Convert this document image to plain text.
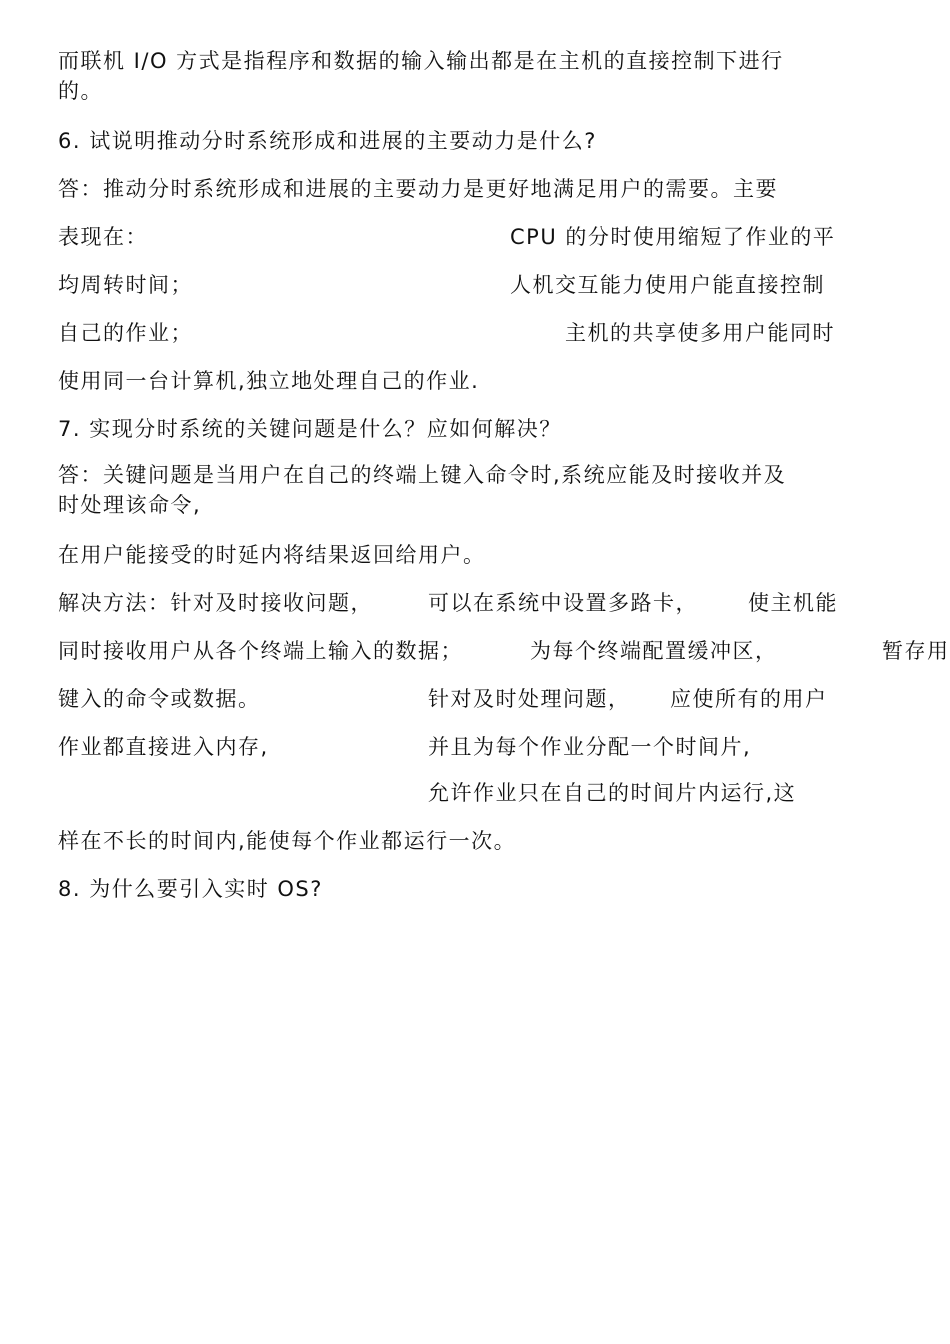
而联机 I/O 方式是指程序和数据的输入输出都是在主机的直接控制下进行
的。
6. 试说明推动分时系统形成和进展的主要动力是什么?
答：推动分时系统形成和进展的主要动力是更好地满足用户的需要。主要
表现在：	CPU 的分时使用缩短了作业的平
均周转时间；	人机交互能力使用户能直接控制
自己的作业；	主机的共享使多用户能同时
使用同一台计算机,独立地处理自己的作业.
7. 实现分时系统的关键问题是什么？应如何解决？
答：关键问题是当用户在自己的终端上键入命令时,系统应能及时接收并及
时处理该命令,
在用户能接受的时延内将结果返回给用户。
解决方法：针对及时接收问题，	可以在系统中设置多路卡， 使主机能
同时接收用户从各个终端上输入的数据；	为每个终端配置缓冲区，	暂存用
键入的命令或数据。	针对及时处理问题， 应使所有的用户
作业都直接进入内存,	并且为每个作业分配一个时间片,
允许作业只在自己的时间片内运行,这
样在不长的时间内,能使每个作业都运行一次。
8. 为什么要引入实时 OS?
